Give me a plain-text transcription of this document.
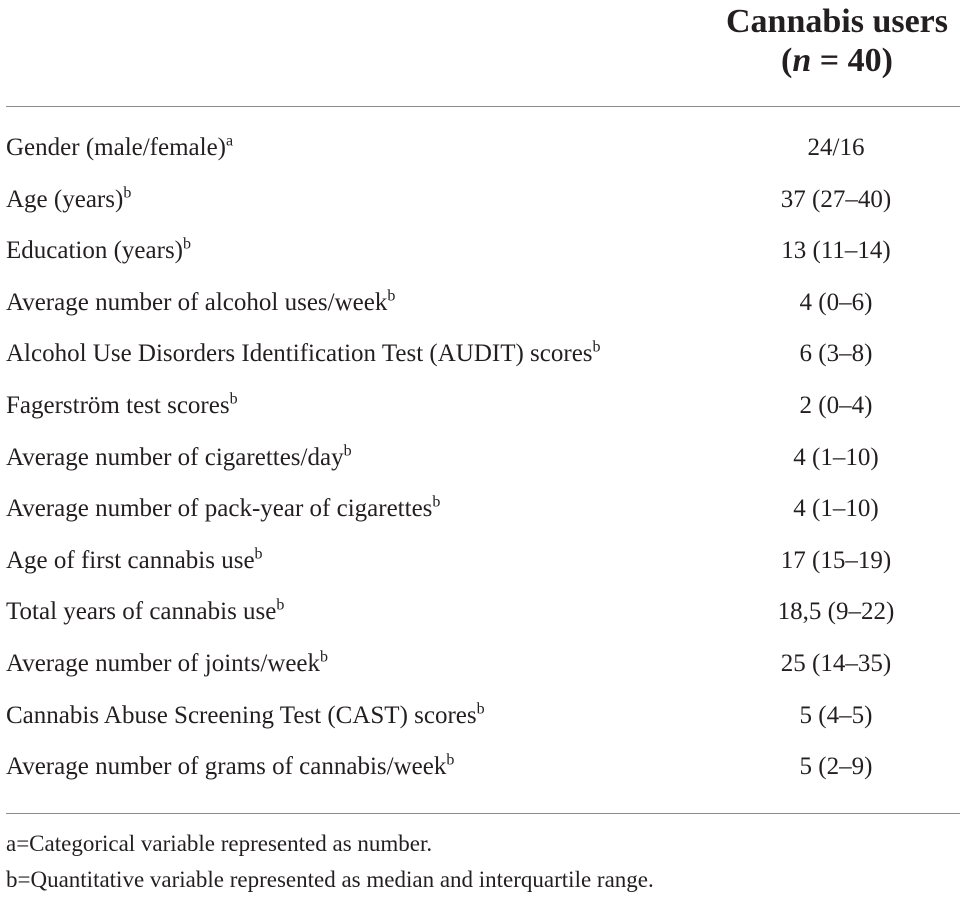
Cannabis users
(n = 40)
Gender (male/female)$^a$	24/16
Age (years)$^b$	37 (27–40)
Education (years)$^b$	13 (11–14)
Average number of alcohol uses/week$^b$	4 (0–6)
Alcohol Use Disorders Identification Test (AUDIT) scores$^b$	6 (3–8)
Fagerström test scores$^b$	2 (0–4)
Average number of cigarettes/day$^b$	4 (1–10)
Average number of pack-year of cigarettes$^b$	4 (1–10)
Age of first cannabis use$^b$	17 (15–19)
Total years of cannabis use$^b$	18,5 (9–22)
Average number of joints/week$^b$	25 (14–35)
Cannabis Abuse Screening Test (CAST) scores$^b$	5 (4–5)
Average number of grams of cannabis/week$^b$	5 (2–9)
a=Categorical variable represented as number.
b=Quantitative variable represented as median and interquartile range.
